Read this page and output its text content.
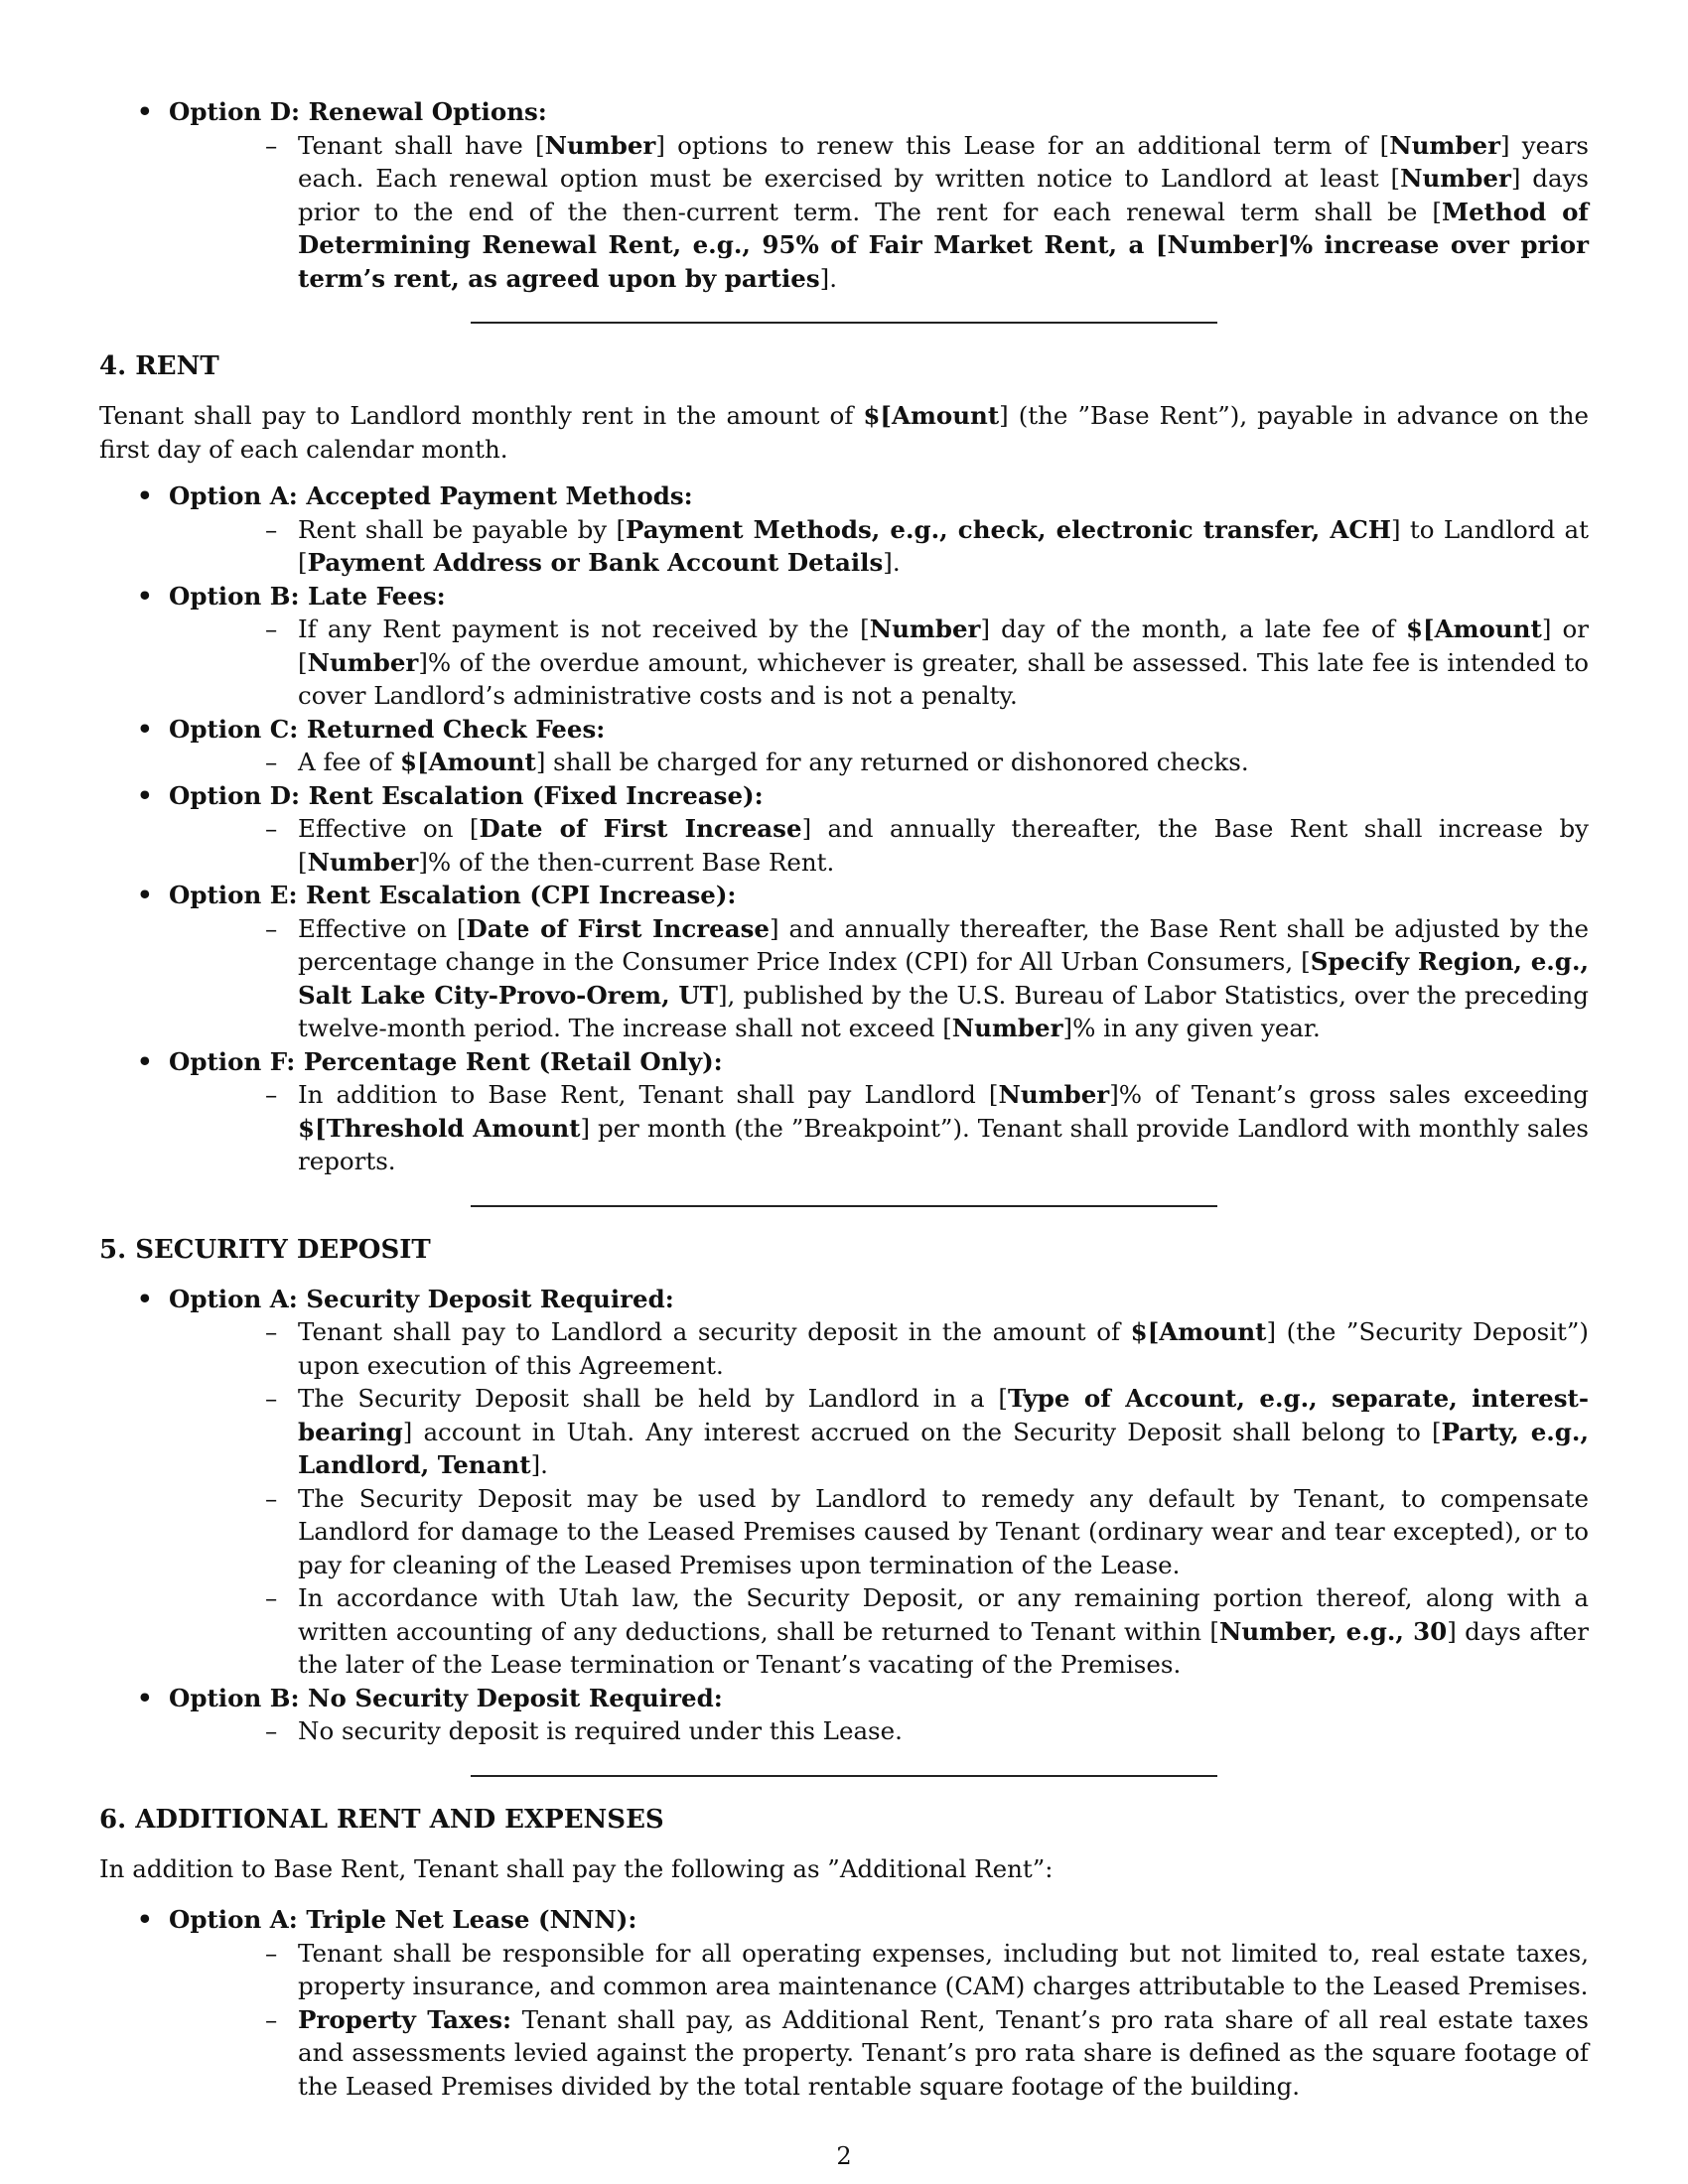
• Option D: Renewal Options:
– Tenant shall have [Number] options to renew this Lease for an additional term of [Number] years each. Each renewal option must be exercised by written notice to Landlord at least [Number] days prior to the end of the then-current term. The rent for each renewal term shall be [Method of Determining Renewal Rent, e.g., 95% of Fair Market Rent, a [Number]% increase over prior term’s rent, as agreed upon by parties].
4. RENT

Tenant shall pay to Landlord monthly rent in the amount of $[Amount] (the ”Base Rent”), payable in advance on the first day of each calendar month.

• Option A: Accepted Payment Methods:
– Rent shall be payable by [Payment Methods, e.g., check, electronic transfer, ACH] to Landlord at [Payment Address or Bank Account Details].
• Option B: Late Fees:
– If any Rent payment is not received by the [Number] day of the month, a late fee of $[Amount] or [Number]% of the overdue amount, whichever is greater, shall be assessed. This late fee is intended to cover Landlord’s administrative costs and is not a penalty.
• Option C: Returned Check Fees:
– A fee of $[Amount] shall be charged for any returned or dishonored checks.
• Option D: Rent Escalation (Fixed Increase):
– Effective on [Date of First Increase] and annually thereafter, the Base Rent shall increase by [Number]% of the then-current Base Rent.
• Option E: Rent Escalation (CPI Increase):
– Effective on [Date of First Increase] and annually thereafter, the Base Rent shall be adjusted by the percentage change in the Consumer Price Index (CPI) for All Urban Consumers, [Specify Region, e.g., Salt Lake City-Provo-Orem, UT], published by the U.S. Bureau of Labor Statistics, over the preceding twelve-month period. The increase shall not exceed [Number]% in any given year.
• Option F: Percentage Rent (Retail Only):
– In addition to Base Rent, Tenant shall pay Landlord [Number]% of Tenant’s gross sales exceeding $[Threshold Amount] per month (the ”Breakpoint”). Tenant shall provide Landlord with monthly sales reports.
5. SECURITY DEPOSIT
• Option A: Security Deposit Required:
– Tenant shall pay to Landlord a security deposit in the amount of $[Amount] (the ”Security Deposit”) upon execution of this Agreement.
– The Security Deposit shall be held by Landlord in a [Type of Account, e.g., separate, interest-bearing] account in Utah. Any interest accrued on the Security Deposit shall belong to [Party, e.g., Landlord, Tenant].
– The Security Deposit may be used by Landlord to remedy any default by Tenant, to compensate Landlord for damage to the Leased Premises caused by Tenant (ordinary wear and tear excepted), or to pay for cleaning of the Leased Premises upon termination of the Lease.
– In accordance with Utah law, the Security Deposit, or any remaining portion thereof, along with a written accounting of any deductions, shall be returned to Tenant within [Number, e.g., 30] days after the later of the Lease termination or Tenant’s vacating of the Premises.
• Option B: No Security Deposit Required:
– No security deposit is required under this Lease.
6. ADDITIONAL RENT AND EXPENSES

In addition to Base Rent, Tenant shall pay the following as ”Additional Rent”:

• Option A: Triple Net Lease (NNN):
– Tenant shall be responsible for all operating expenses, including but not limited to, real estate taxes, property insurance, and common area maintenance (CAM) charges attributable to the Leased Premises.
– Property Taxes: Tenant shall pay, as Additional Rent, Tenant’s pro rata share of all real estate taxes and assessments levied against the property. Tenant’s pro rata share is defined as the square footage of the Leased Premises divided by the total rentable square footage of the building.
2
